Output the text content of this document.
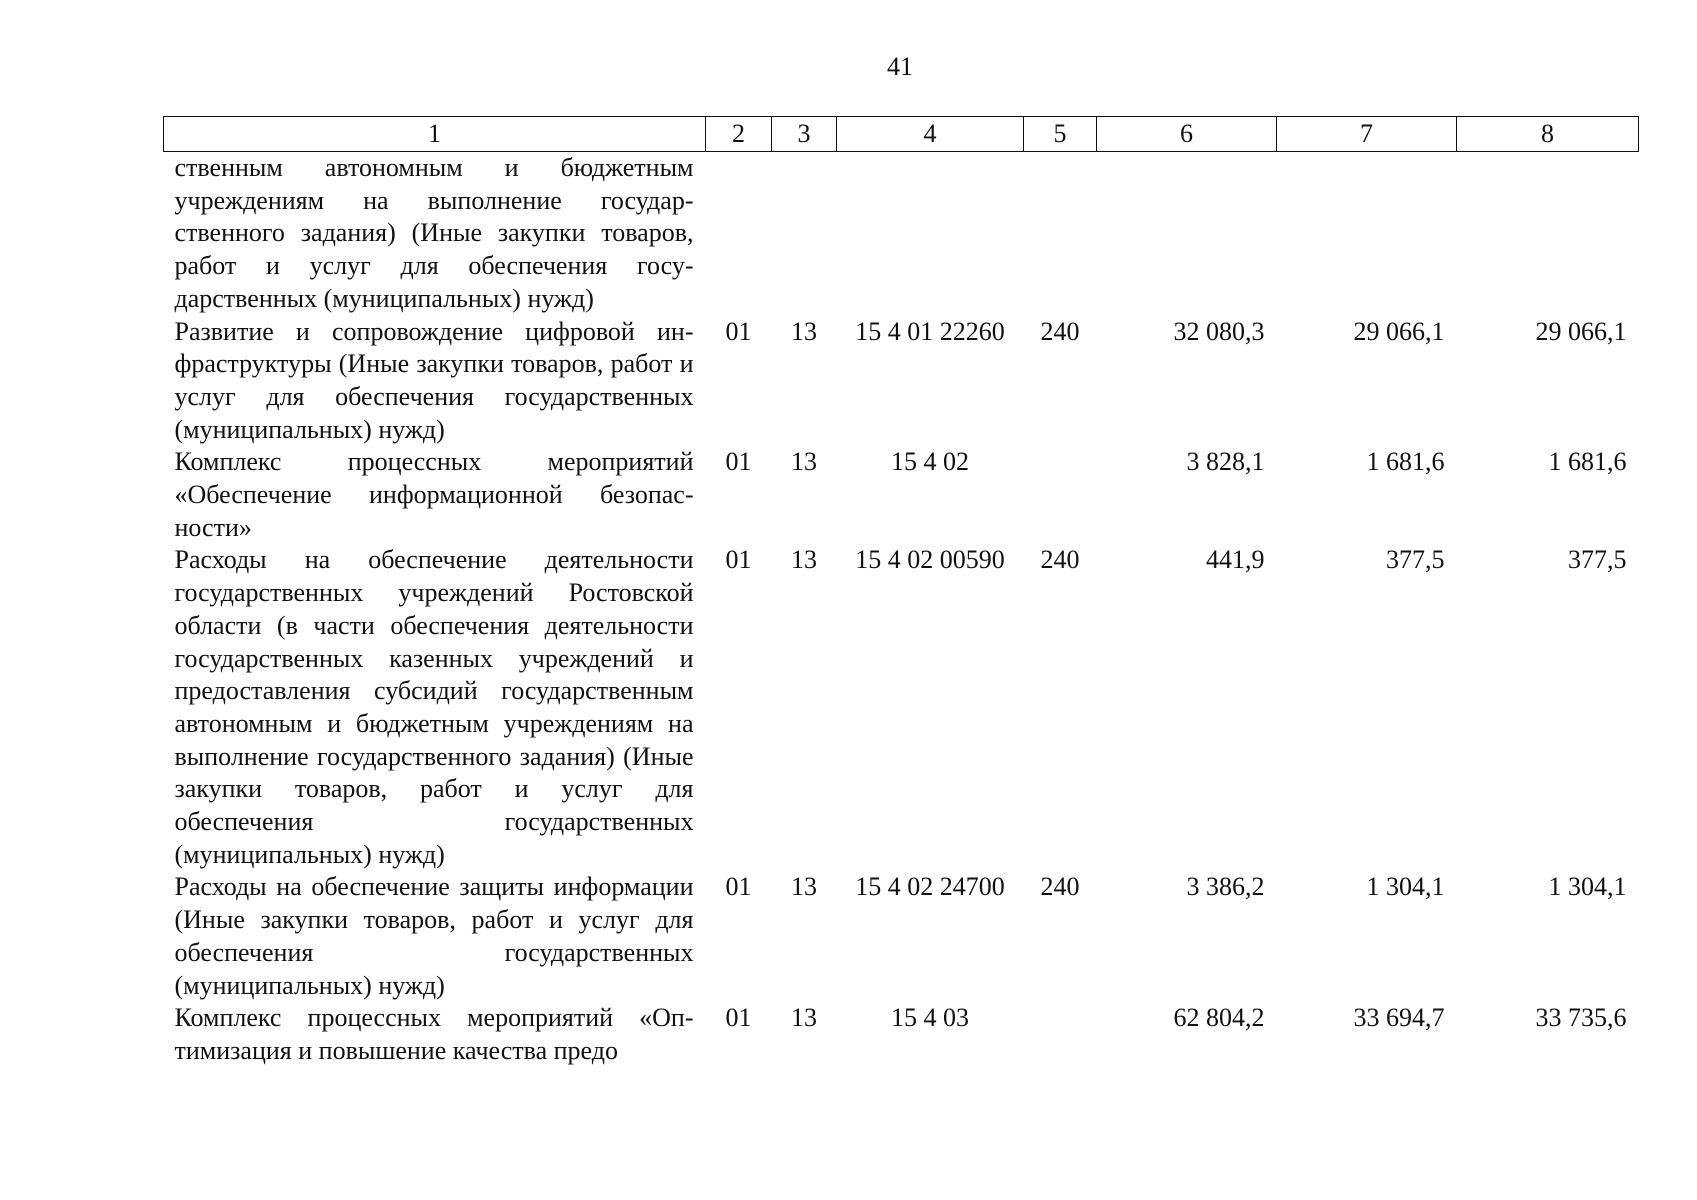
41
1	2	3	4	5	6	7	8
ственным автономным и бюджетным учреждениям на выполнение государственного задания) (Иные закупки товаров, работ и услуг для обеспечения государственных (муниципальных) нужд)							
Развитие и сопровождение цифровой инфраструктуры (Иные закупки товаров, работ и услуг для обеспечения государственных (муниципальных) нужд)	01	13	15 4 01 22260	240	32 080,3	29 066,1	29 066,1
Комплекс процессных мероприятий «Обеспечение информационной безопасности»	01	13	15 4 02		3 828,1	1 681,6	1 681,6
Расходы на обеспечение деятельности государственных учреждений Ростовской области (в части обеспечения деятельности государственных казенных учреждений и предоставления субсидий государственным автономным и бюджетным учреждениям на выполнение государственного задания) (Иные закупки товаров, работ и услуг для обеспечения государственных (муниципальных) нужд)	01	13	15 4 02 00590	240	441,9	377,5	377,5
Расходы на обеспечение защиты информации (Иные закупки товаров, работ и услуг для обеспечения государственных (муниципальных) нужд)	01	13	15 4 02 24700	240	3 386,2	1 304,1	1 304,1
Комплекс процессных мероприятий «Оптимизация и повышение качества предо	01	13	15 4 03		62 804,2	33 694,7	33 735,6
